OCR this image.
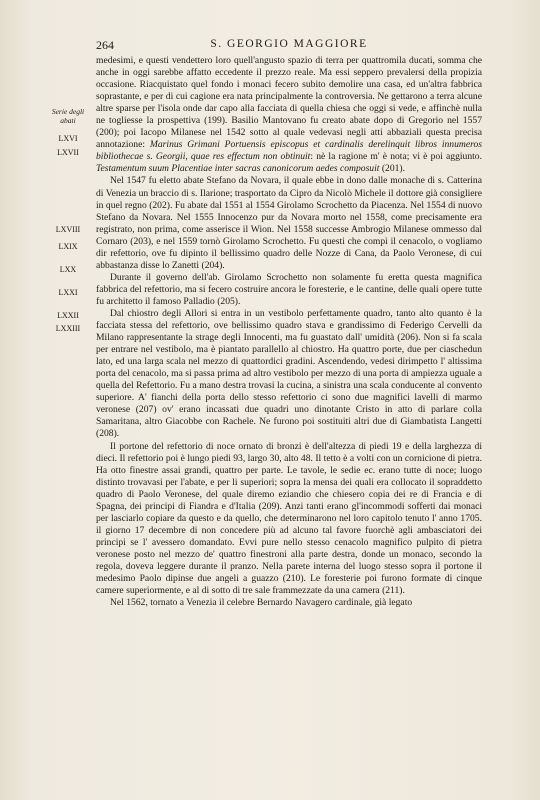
264	S. GEORGIO MAGGIORE
Serie degli abati
LXVI
LXVII
LXVIII
LXIX
LXX
LXXI
LXXII
LXXIII

medesimi, e questi vendettero loro quell'angusto spazio di terra per quattromila ducati, somma che anche in oggi sarebbe affatto eccedente il prezzo reale. Ma essi seppero prevalersi della propizia occasione. Riacquistato quel fondo i monaci fecero subito demolire una casa, ed un'altra fabbrica soprastante, e per di cui cagione era nata principalmente la controversia. Ne gettarono a terra alcune altre sparse per l'isola onde dar capo alla facciata di quella chiesa che oggi si vede, e affinchè nulla ne togliesse la prospettiva (199). Basilio Mantovano fu creato abate dopo di Gregorio nel 1557 (200); poi Iacopo Milanese nel 1542 sotto al quale vedevasi negli atti abbaziali questa precisa annotazione: Marinus Grimani Portuensis episcopus et cardinalis derelinquit libros innumeros bibliothecae s. Georgii, quae res effectum non obtinuit: nè la ragione m' è nota; vi è poi aggiunto. Testamentum suum Placentiae inter sacras canonicorum aedes composuit (201).

Nel 1547 fu eletto abate Stefano da Novara, il quale ebbe in dono dalle monache di s. Catterina di Venezia un braccio di s. Ilarione; trasportato da Cipro da Nicolò Michele il dottore già consigliere in quel regno (202). Fu abate dal 1551 al 1554 Girolamo Scrochetto da Piacenza. Nel 1554 di nuovo Stefano da Novara. Nel 1555 Innocenzo pur da Novara morto nel 1558, come precisamente era registrato, non prima, come asserisce il Wion. Nel 1558 successe Ambrogio Milanese ommesso dal Cornaro (203), e nel 1559 tornò Girolamo Scrochetto. Fu questi che compì il cenacolo, o vogliamo dir refettorio, ove fu dipinto il bellissimo quadro delle Nozze di Cana, da Paolo Veronese, di cui abbastanza disse lo Zanetti (204).

Durante il governo dell'ab. Girolamo Scrochetto non solamente fu eretta questa magnifica fabbrica del refettorio, ma si fecero costruire ancora le foresterie, e le cantine, delle quali opere tutte fu architetto il famoso Palladio (205).

Dal chiostro degli Allori si entra in un vestibolo perfettamente quadro, tanto alto quanto è la facciata stessa del refettorio, ove bellissimo quadro stava e grandissimo di Federigo Cervelli da Milano rappresentante la strage degli Innocenti, ma fu guastato dall' umidità (206). Non si fa scala per entrare nel vestibolo, ma è piantato parallello al chiostro. Ha quattro porte, due per ciaschedun lato, ed una larga scala nel mezzo di quattordici gradini. Ascendendo, vedesi dirimpetto l' altissima porta del cenacolo, ma si passa prima ad altro vestibolo per mezzo di una porta di ampiezza uguale a quella del Refettorio. Fu a mano destra trovasi la cucina, a sinistra una scala conducente al convento superiore. A' fianchi della porta dello stesso refettorio ci sono due magnifici lavelli di marmo veronese (207) ov' erano incassati due quadri uno dinotante Cristo in atto di parlare colla Samaritana, altro Giacobbe con Rachele. Ne furono poi sostituiti altri due di Giambatista Langetti (208).

Il portone del refettorio di noce ornato di bronzi è dell'altezza di piedi 19 e della larghezza di dieci. Il refettorio poi è lungo piedi 93, largo 30, alto 48. Il tetto è a volti con un cornicione di pietra. Ha otto finestre assai grandi, quattro per parte. Le tavole, le sedie ec. erano tutte di noce; luogo distinto trovavasi per l'abate, e per li superiori; sopra la mensa dei quali era collocato il sopraddetto quadro di Paolo Veronese, del quale diremo eziandio che chiesero copia dei re di Francia e di Spagna, dei principi di Fiandra e d'Italia (209). Anzi tanti erano gl'incommodi sofferti dai monaci per lasciarlo copiare da questo e da quello, che determinarono nel loro capitolo tenuto l' anno 1705. il giorno 17 decembre di non concedere più ad alcuno tal favore fuorchè agli ambasciatori dei principi se l' avessero domandato. Evvi pure nello stesso cenacolo magnifico pulpito di pietra veronese posto nel mezzo de' quattro finestroni alla parte destra, donde un monaco, secondo la regola, doveva leggere durante il pranzo. Nella parete interna del luogo stesso sopra il portone il medesimo Paolo dipinse due angeli a guazzo (210). Le foresterie poi furono formate di cinque camere superiormente, e al di sotto di tre sale frammezzate da una camera (211).

Nel 1562, tornato a Venezia il celebre Bernardo Navagero cardinale, già legato
